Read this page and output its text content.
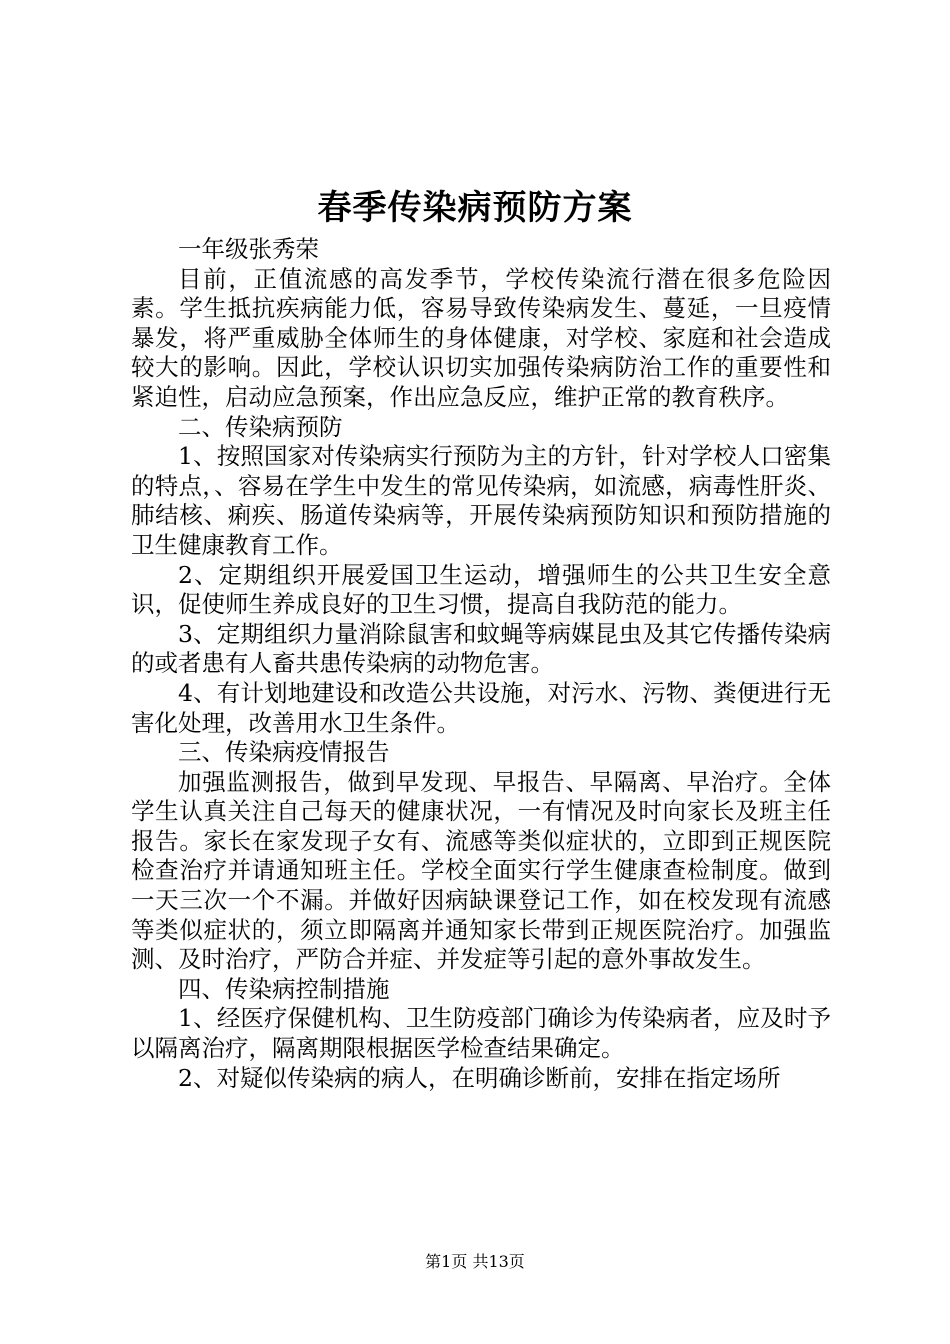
春季传染病预防方案

一年级张秀荣

目前，正值流感的高发季节，学校传染流行潜在很多危险因素。学生抵抗疾病能力低，容易导致传染病发生、蔓延，一旦疫情暴发，将严重威胁全体师生的身体健康，对学校、家庭和社会造成较大的影响。因此，学校认识切实加强传染病防治工作的重要性和紧迫性，启动应急预案，作出应急反应，维护正常的教育秩序。

二、传染病预防

1、按照国家对传染病实行预防为主的方针，针对学校人口密集的特点，、容易在学生中发生的常见传染病，如流感，病毒性肝炎、肺结核、痢疾、肠道传染病等，开展传染病预防知识和预防措施的卫生健康教育工作。

2、定期组织开展爱国卫生运动，增强师生的公共卫生安全意识，促使师生养成良好的卫生习惯，提高自我防范的能力。

3、定期组织力量消除鼠害和蚊蝇等病媒昆虫及其它传播传染病的或者患有人畜共患传染病的动物危害。

4、有计划地建设和改造公共设施，对污水、污物、粪便进行无害化处理，改善用水卫生条件。

三、传染病疫情报告

加强监测报告，做到早发现、早报告、早隔离、早治疗。全体学生认真关注自己每天的健康状况，一有情况及时向家长及班主任报告。家长在家发现子女有、流感等类似症状的，立即到正规医院检查治疗并请通知班主任。学校全面实行学生健康查检制度。做到一天三次一个不漏。并做好因病缺课登记工作，如在校发现有流感等类似症状的，须立即隔离并通知家长带到正规医院治疗。加强监测、及时治疗，严防合并症、并发症等引起的意外事故发生。

四、传染病控制措施

1、经医疗保健机构、卫生防疫部门确诊为传染病者，应及时予以隔离治疗，隔离期限根据医学检查结果确定。

2、对疑似传染病的病人，在明确诊断前，安排在指定场所

第1页 共13页
